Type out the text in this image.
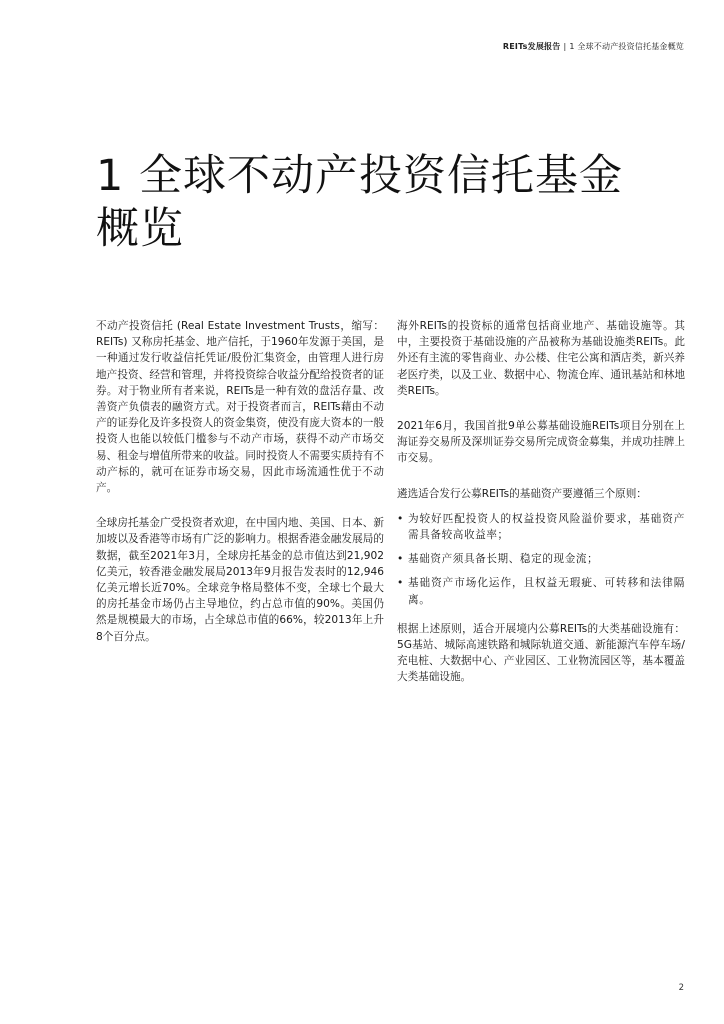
REITs发展报告 | 1 全球不动产投资信托基金概览
1 全球不动产投资信托基金
概览

不动产投资信托 (Real Estate Investment Trusts，缩写：REITs) 又称房托基金、地产信托，于1960年发源于美国，是一种通过发行收益信托凭证/股份汇集资金，由管理人进行房地产投资、经营和管理，并将投资综合收益分配给投资者的证券。对于物业所有者来说，REITs是一种有效的盘活存量、改善资产负债表的融资方式。对于投资者而言，REITs藉由不动产的证券化及许多投资人的资金集资，使没有庞大资本的一般投资人也能以较低门槛参与不动产市场，获得不动产市场交易、租金与增值所带来的收益。同时投资人不需要实质持有不动产标的，就可在证券市场交易，因此市场流通性优于不动产。

全球房托基金广受投资者欢迎，在中国内地、美国、日本、新加坡以及香港等市场有广泛的影响力。根据香港金融发展局的数据，截至2021年3月，全球房托基金的总市值达到21,902亿美元，较香港金融发展局2013年9月报告发表时的12,946亿美元增长近70%。全球竞争格局整体不变，全球七个最大的房托基金市场仍占主导地位，约占总市值的90%。美国仍然是规模最大的市场，占全球总市值的66%，较2013年上升8个百分点。

海外REITs的投资标的通常包括商业地产、基础设施等。其中，主要投资于基础设施的产品被称为基础设施类REITs。此外还有主流的零售商业、办公楼、住宅公寓和酒店类，新兴养老医疗类，以及工业、数据中心、物流仓库、通讯基站和林地类REITs。

2021年6月，我国首批9单公募基础设施REITs项目分别在上海证券交易所及深圳证券交易所完成资金募集，并成功挂牌上市交易。

遴选适合发行公募REITs的基础资产要遵循三个原则：

• 为较好匹配投资人的权益投资风险溢价要求，基础资产需具备较高收益率；
• 基础资产须具备长期、稳定的现金流；
• 基础资产市场化运作，且权益无瑕疵、可转移和法律隔离。

根据上述原则，适合开展境内公募REITs的大类基础设施有：5G基站、城际高速铁路和城际轨道交通、新能源汽车停车场/充电桩、大数据中心、产业园区、工业物流园区等，基本覆盖大类基础设施。

2
